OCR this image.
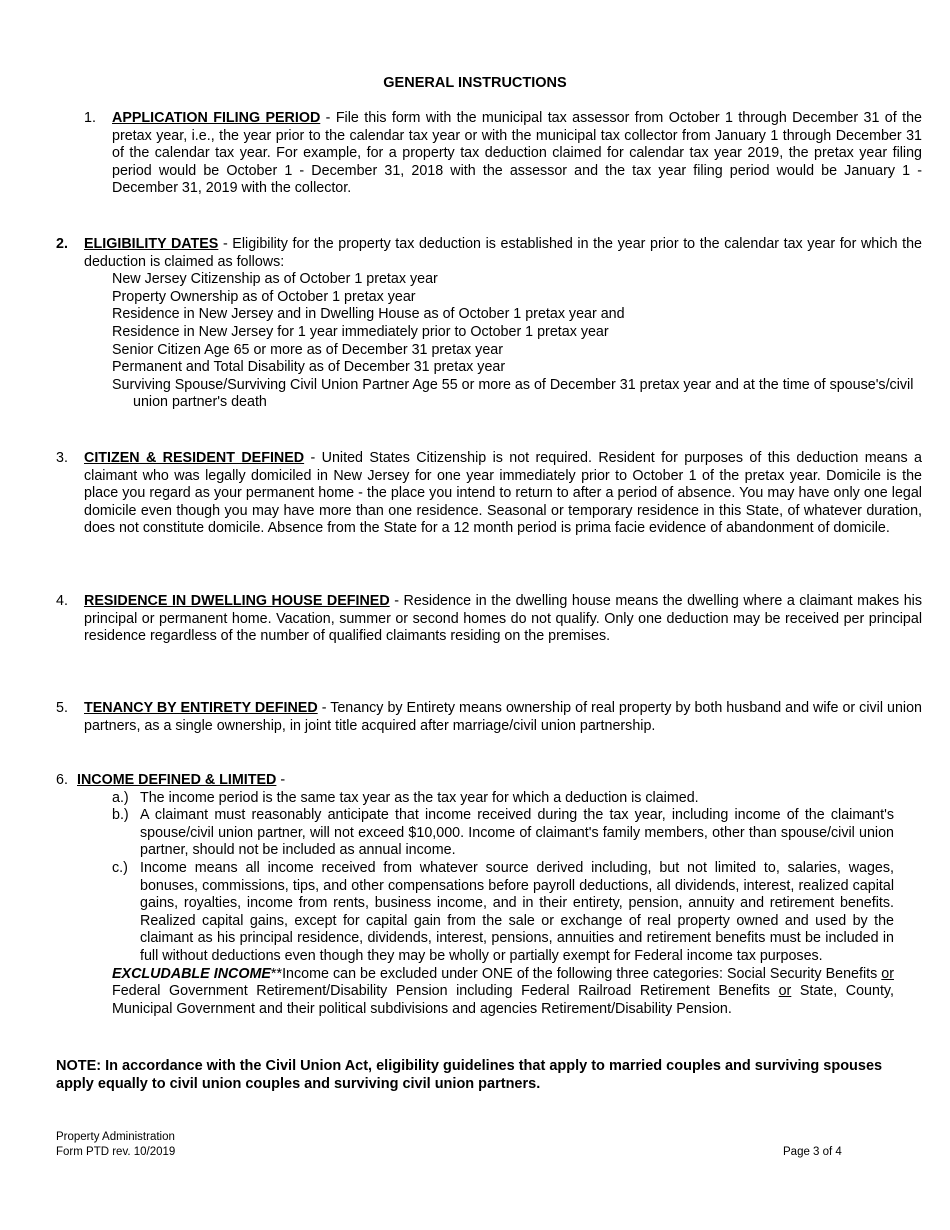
GENERAL INSTRUCTIONS
1. APPLICATION FILING PERIOD - File this form with the municipal tax assessor from October 1 through December 31 of the pretax year, i.e., the year prior to the calendar tax year or with the municipal tax collector from January 1 through December 31 of the calendar tax year. For example, for a property tax deduction claimed for calendar tax year 2019, the pretax year filing period would be October 1 - December 31, 2018 with the assessor and the tax year filing period would be January 1 - December 31, 2019 with the collector.
2. ELIGIBILITY DATES - Eligibility for the property tax deduction is established in the year prior to the calendar tax year for which the deduction is claimed as follows:
New Jersey Citizenship as of October 1 pretax year
Property Ownership as of October 1 pretax year
Residence in New Jersey and in Dwelling House as of October 1 pretax year and
Residence in New Jersey for 1 year immediately prior to October 1 pretax year
Senior Citizen Age 65 or more as of December 31 pretax year
Permanent and Total Disability as of December 31 pretax year
Surviving Spouse/Surviving Civil Union Partner Age 55 or more as of December 31 pretax year and at the time of spouse's/civil union partner's death
3. CITIZEN & RESIDENT DEFINED - United States Citizenship is not required. Resident for purposes of this deduction means a claimant who was legally domiciled in New Jersey for one year immediately prior to October 1 of the pretax year. Domicile is the place you regard as your permanent home - the place you intend to return to after a period of absence. You may have only one legal domicile even though you may have more than one residence. Seasonal or temporary residence in this State, of whatever duration, does not constitute domicile. Absence from the State for a 12 month period is prima facie evidence of abandonment of domicile.
4. RESIDENCE IN DWELLING HOUSE DEFINED - Residence in the dwelling house means the dwelling where a claimant makes his principal or permanent home. Vacation, summer or second homes do not qualify. Only one deduction may be received per principal residence regardless of the number of qualified claimants residing on the premises.
5. TENANCY BY ENTIRETY DEFINED - Tenancy by Entirety means ownership of real property by both husband and wife or civil union partners, as a single ownership, in joint title acquired after marriage/civil union partnership.
6. INCOME DEFINED & LIMITED -
a.) The income period is the same tax year as the tax year for which a deduction is claimed.
b.) A claimant must reasonably anticipate that income received during the tax year, including income of the claimant's spouse/civil union partner, will not exceed $10,000. Income of claimant's family members, other than spouse/civil union partner, should not be included as annual income.
c.) Income means all income received from whatever source derived including, but not limited to, salaries, wages, bonuses, commissions, tips, and other compensations before payroll deductions, all dividends, interest, realized capital gains, royalties, income from rents, business income, and in their entirety, pension, annuity and retirement benefits. Realized capital gains, except for capital gain from the sale or exchange of real property owned and used by the claimant as his principal residence, dividends, interest, pensions, annuities and retirement benefits must be included in full without deductions even though they may be wholly or partially exempt for Federal income tax purposes.
EXCLUDABLE INCOME**Income can be excluded under ONE of the following three categories: Social Security Benefits or Federal Government Retirement/Disability Pension including Federal Railroad Retirement Benefits or State, County, Municipal Government and their political subdivisions and agencies Retirement/Disability Pension.
NOTE: In accordance with the Civil Union Act, eligibility guidelines that apply to married couples and surviving spouses apply equally to civil union couples and surviving civil union partners.
Property Administration
Form PTD rev. 10/2019	Page 3 of 4
